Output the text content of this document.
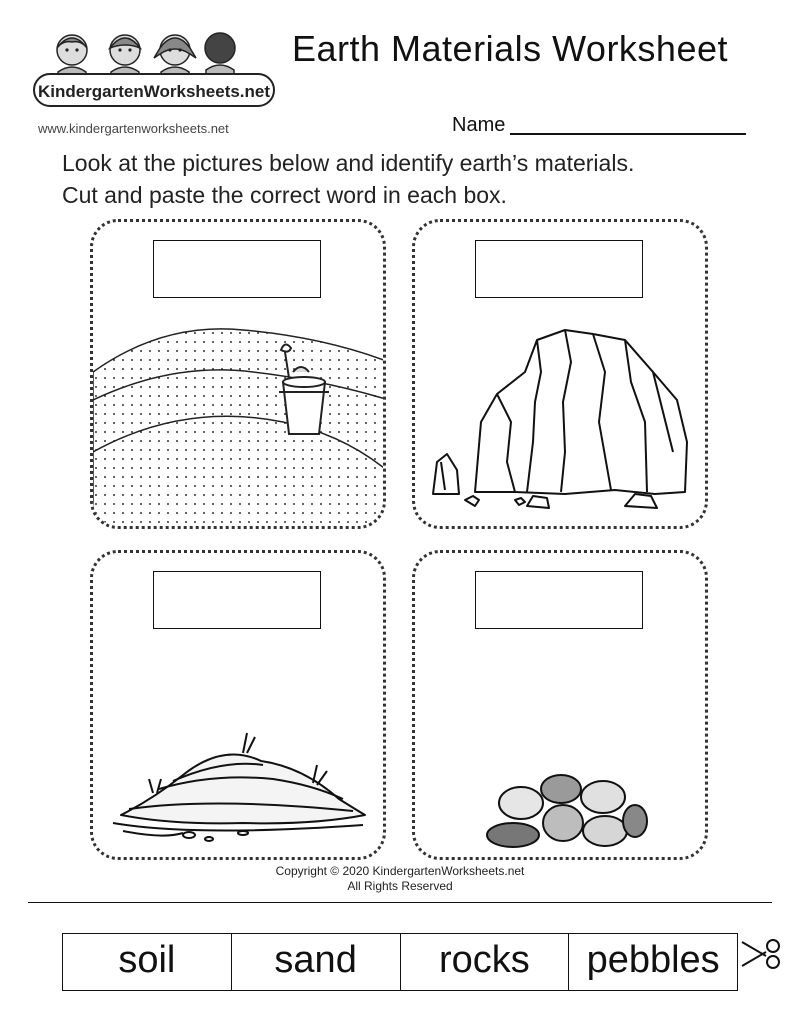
KindergartenWorksheets.net
Earth Materials Worksheet
www.kindergartenworksheets.net	Name
Look at the pictures below and identify earth’s materials.
Cut and paste the correct word in each box.
Copyright © 2020 KindergartenWorksheets.net
All Rights Reserved
soil	sand	rocks	pebbles
